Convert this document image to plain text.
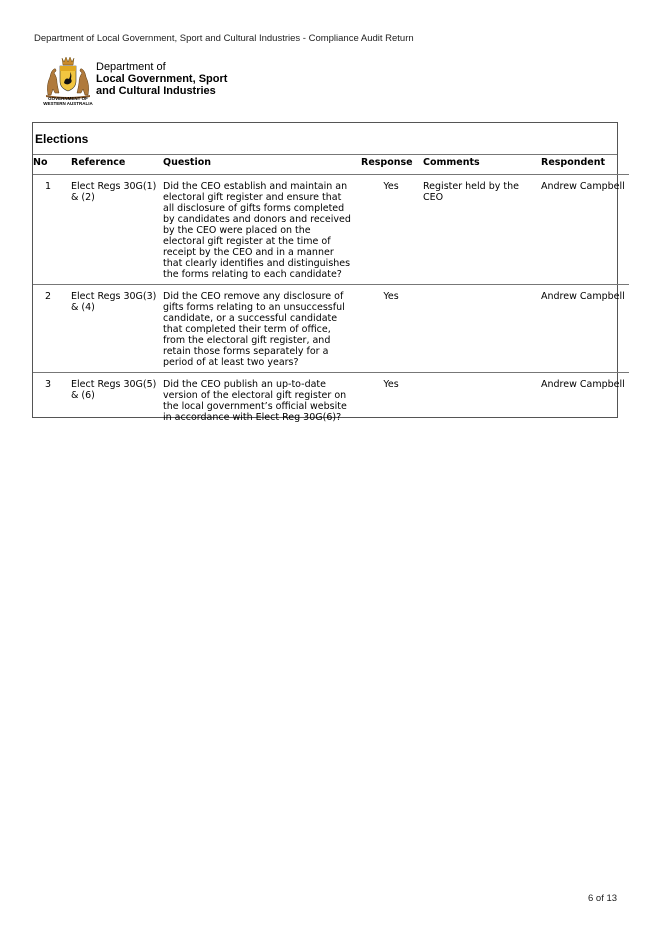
Department of Local Government, Sport and Cultural Industries - Compliance Audit Return
GOVERNMENT OF
WESTERN AUSTRALIA
Department of
Local Government, Sport
and Cultural Industries
Elections
No	Reference	Question	Response	Comments	Respondent
1	Elect Regs 30G(1) & (2)	Did the CEO establish and maintain an electoral gift register and ensure that all disclosure of gifts forms completed by candidates and donors and received by the CEO were placed on the electoral gift register at the time of receipt by the CEO and in a manner that clearly identifies and distinguishes the forms relating to each candidate?	Yes	Register held by the CEO	Andrew Campbell
2	Elect Regs 30G(3) & (4)	Did the CEO remove any disclosure of gifts forms relating to an unsuccessful candidate, or a successful candidate that completed their term of office, from the electoral gift register, and retain those forms separately for a period of at least two years?	Yes		Andrew Campbell
3	Elect Regs 30G(5) & (6)	Did the CEO publish an up-to-date version of the electoral gift register on the local government’s official website in accordance with Elect Reg 30G(6)?	Yes		Andrew Campbell
6 of 13
